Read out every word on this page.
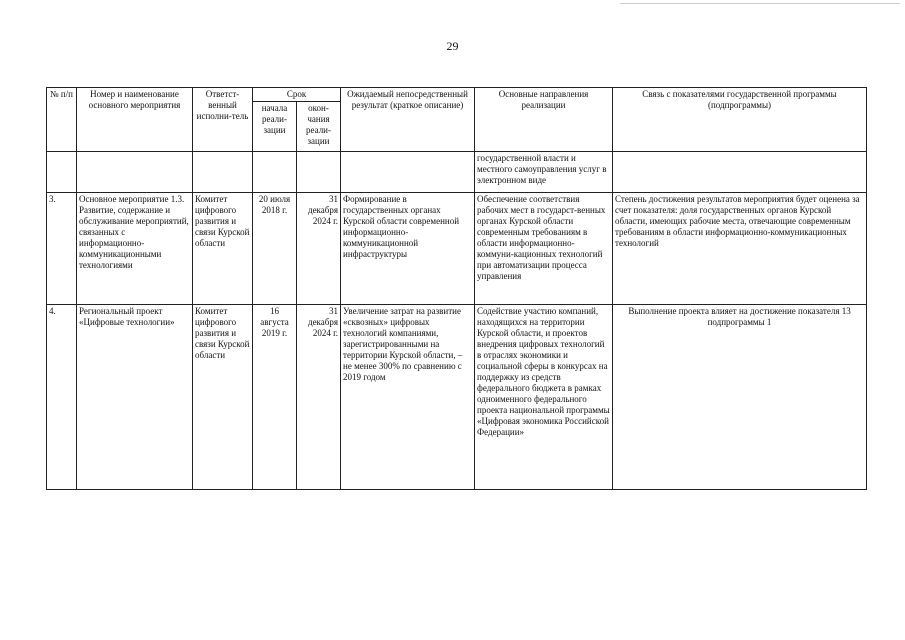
29
№ п/п	Номер и наименование основного мероприятия	Ответст-венный исполни-тель	Срок		Ожидаемый непосредственный результат (краткое описание)	Основные направления реализации	Связь с показателями государственной программы (подпрограммы)
			начала реали-зации	окон-чания реали-зации			
						государственной власти и местного самоуправления услуг в электронном виде	
3.	Основное мероприятие 1.3. Развитие, содержание и обслуживание мероприятий, связанных с информационно-коммуникационными технологиями	Комитет цифрового развития и связи Курской области	20 июля 2018 г.	31 декабря 2024 г.	Формирование в государственных органах Курской области современной информационно-коммуникационной инфраструктуры	Обеспечение соответствия рабочих мест в государст-венных органах Курской области современным требованиям в области информационно-коммуни-кационных технологий при автоматизации процесса управления	Степень достижения результатов мероприятия будет оценена за счет показателя: доля государственных органов Курской области, имеющих рабочие места, отвечающие современным требованиям в области информационно-коммуникационных технологий
4.	Региональный проект «Цифровые технологии»	Комитет цифрового развития и связи Курской области	16 августа 2019 г.	31 декабря 2024 г.	Увеличение затрат на развитие «сквозных» цифровых технологий компаниями, зарегистрированными на территории Курской области, – не менее 300% по сравнению с 2019 годом	Содействие участию компаний, находящихся на территории Курской области, и проектов внедрения цифровых технологий в отраслях экономики и социальной сферы в конкурсах на поддержку из средств федерального бюджета в рамках одноименного федерального проекта национальной программы «Цифровая экономика Российской Федерации»	Выполнение проекта влияет на достижение показателя 13 подпрограммы 1
